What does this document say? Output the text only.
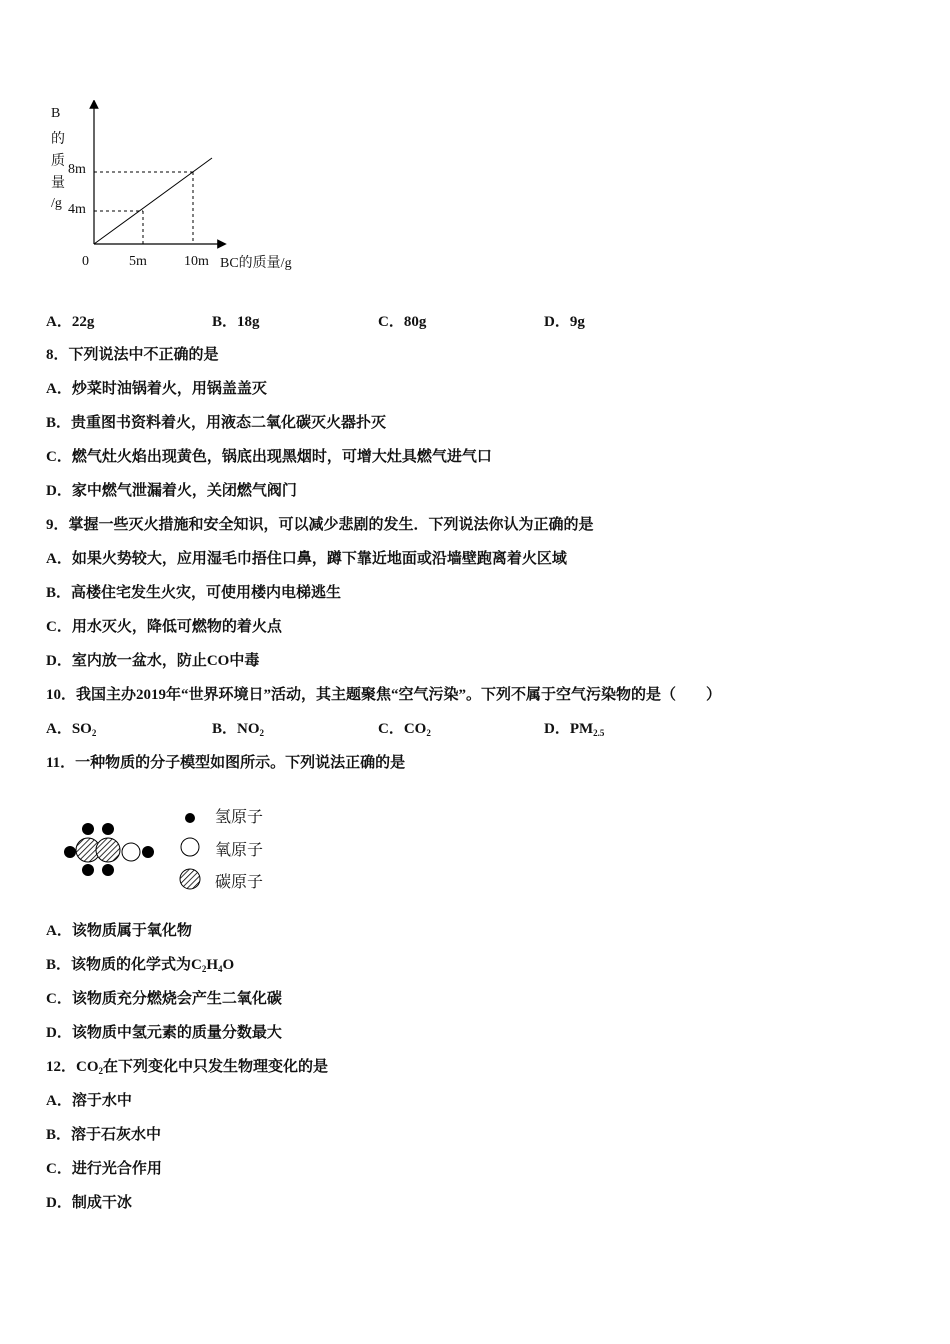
B
的
质
量
/g
8m
4m
0	5m	10m BC的质量/g
A．22g	B．18g	C．80g	D．9g
8．下列说法中不正确的是
A．炒菜时油锅着火，用锅盖盖灭
B．贵重图书资料着火，用液态二氧化碳灭火器扑灭
C．燃气灶火焰出现黄色，锅底出现黑烟时，可增大灶具燃气进气口
D．家中燃气泄漏着火，关闭燃气阀门
9．掌握一些灭火措施和安全知识，可以减少悲剧的发生．下列说法你认为正确的是
A．如果火势较大，应用湿毛巾捂住口鼻，蹲下靠近地面或沿墙壁跑离着火区域
B．高楼住宅发生火灾，可使用楼内电梯逃生
C．用水灭火，降低可燃物的着火点
D．室内放一盆水，防止CO中毒
10．我国主办2019年“世界环境日”活动，其主题聚焦“空气污染”。下列不属于空气污染物的是（　　）
A．$SO_2$	B．$NO_2$	C．$CO_2$	D．$PM_{2.5}$
11．一种物质的分子模型如图所示。下列说法正确的是
氢原子
氧原子
碳原子
A．该物质属于氧化物
B．该物质的化学式为$C_2H_4O$
C．该物质充分燃烧会产生二氧化碳
D．该物质中氢元素的质量分数最大
12．$CO_2$在下列变化中只发生物理变化的是
A．溶于水中
B．溶于石灰水中
C．进行光合作用
D．制成干冰
